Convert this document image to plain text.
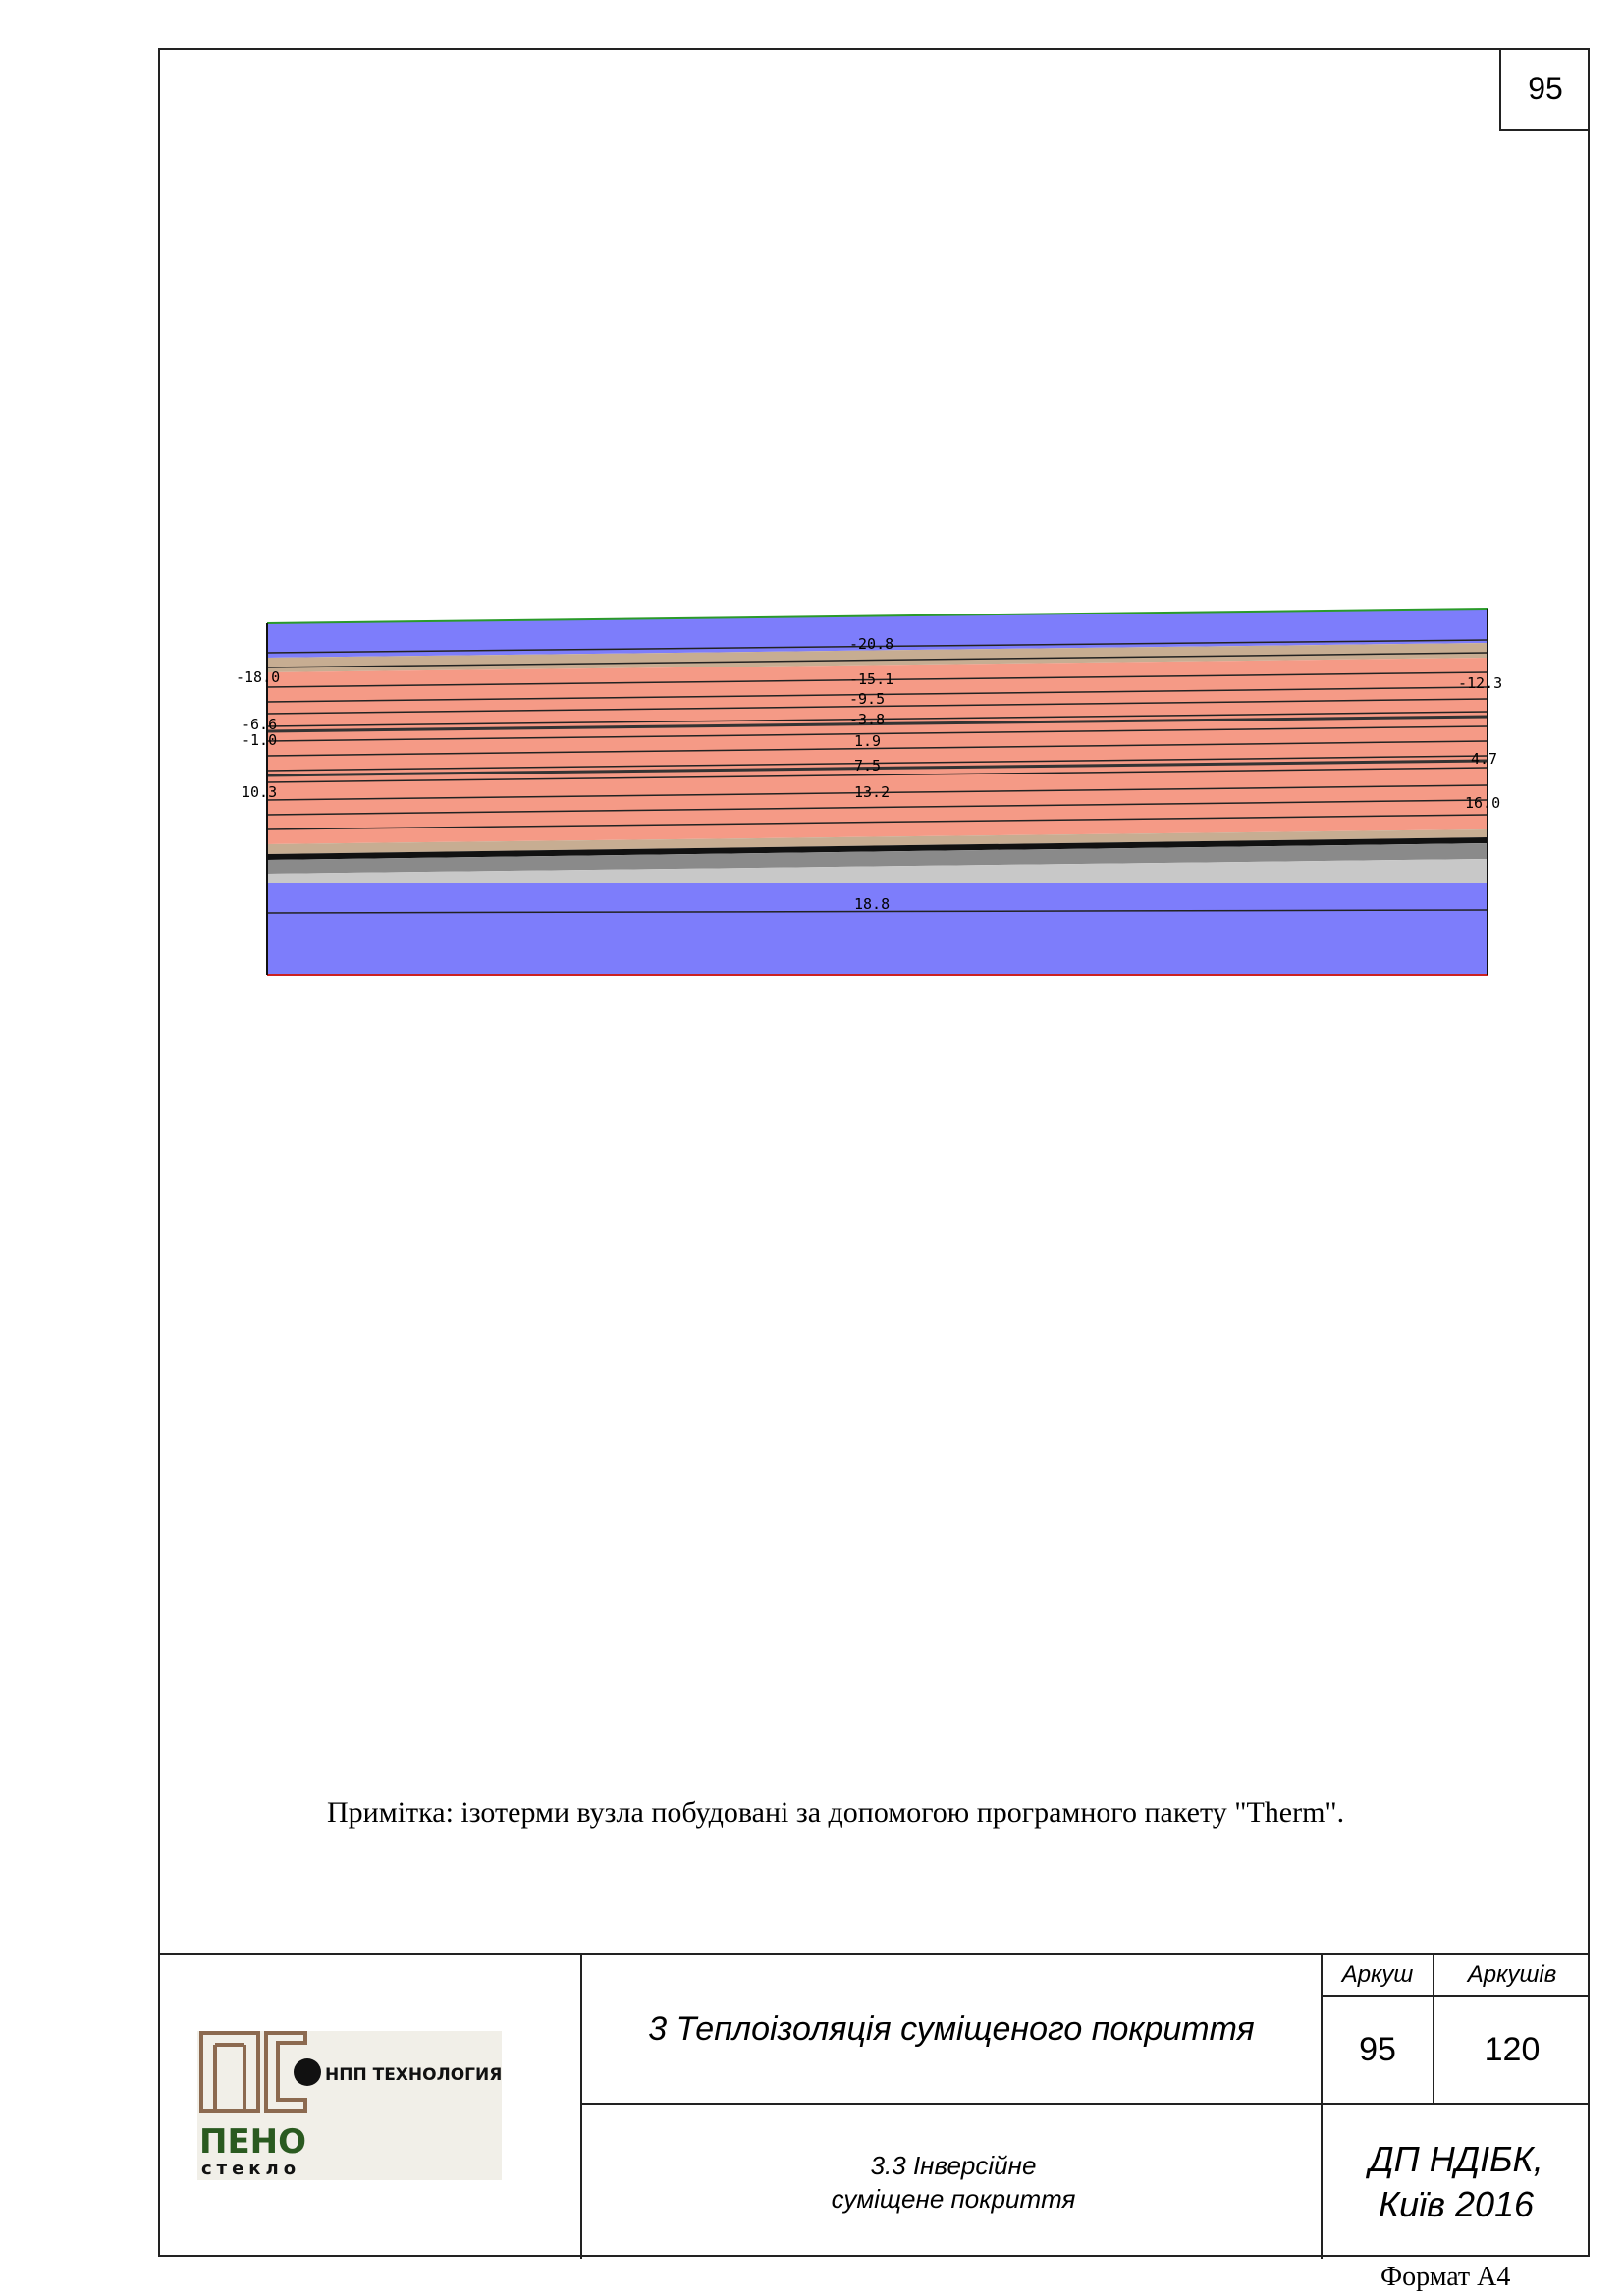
95
-18.0
-6.6
-1.0
10.3
-20.8
-15.1
-9.5
-3.8
1.9
7.5
13.2
18.8
-12.3
4.7
16.0
Примітка: ізотерми вузла побудовані за допомогою програмного пакету "Therm".
3 Теплоізоляція суміщеного покриття
Аркуш	Аркушів
95	120
3.3 Інверсійне суміщене покриття
ДП НДІБК, Київ 2016
НПП ТЕХНОЛОГИЯ
ПЕНО
стекло
Формат А4
